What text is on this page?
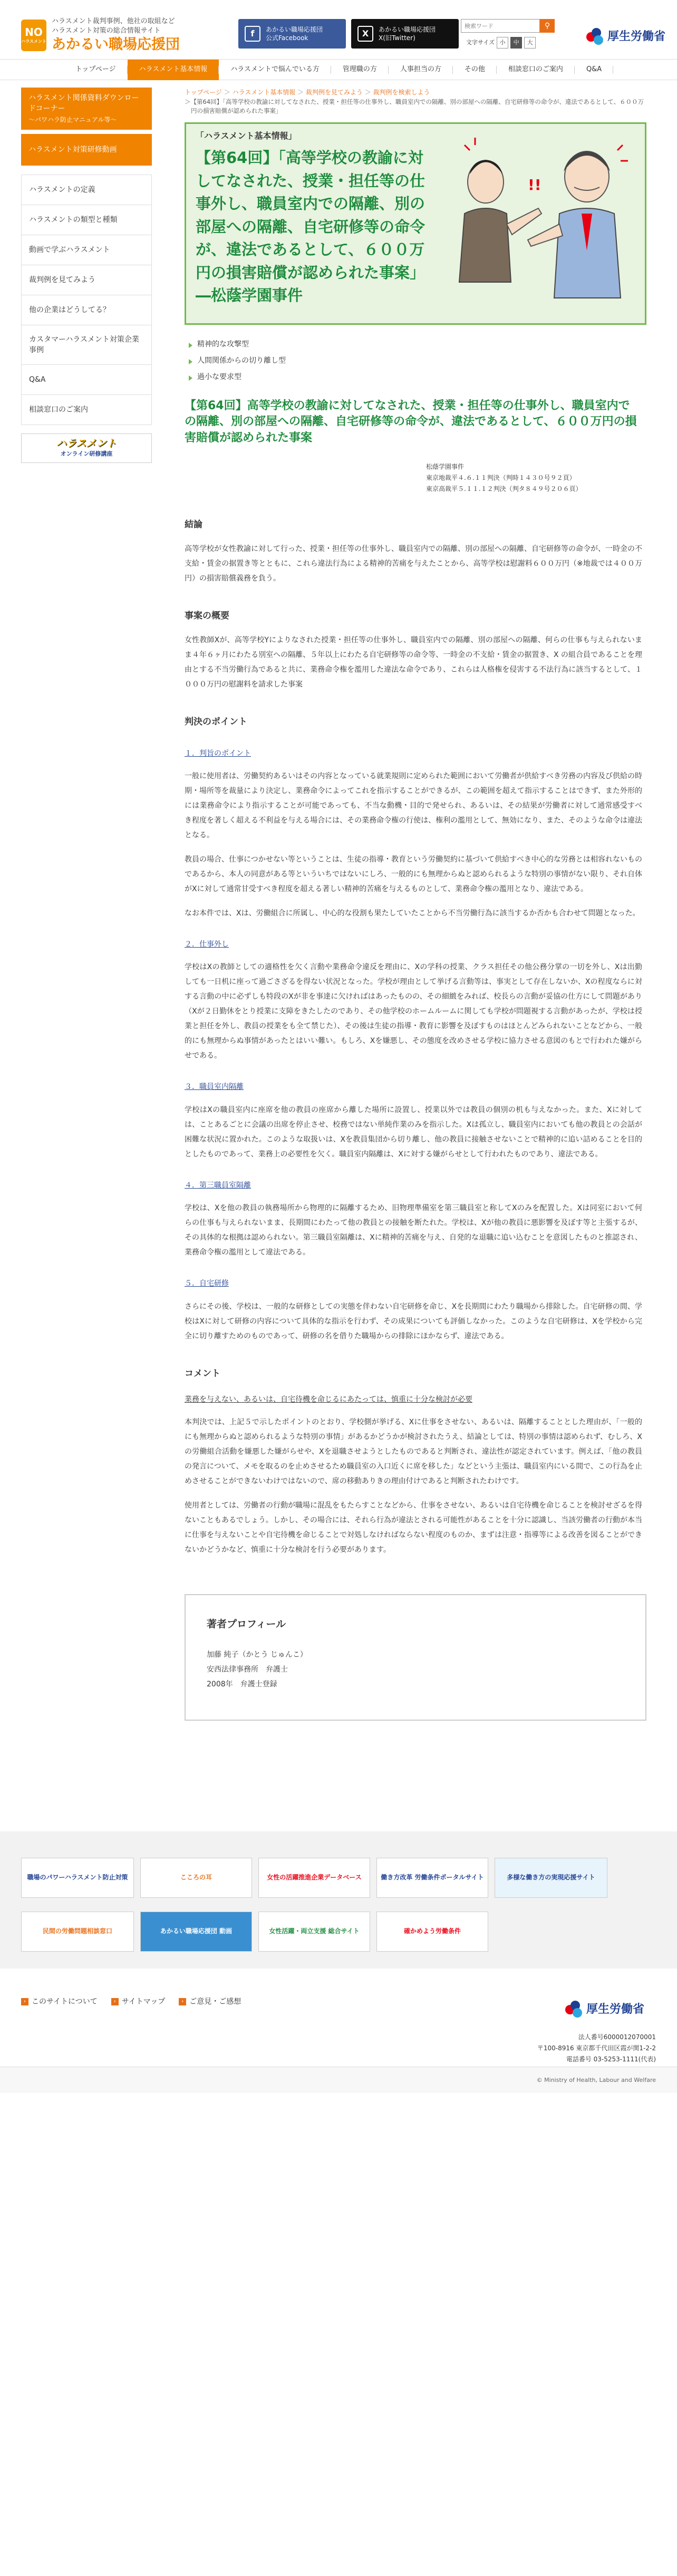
NO
ハラスメント
ハラスメント裁判事例、他社の取組など
ハラスメント対策の総合情報サイト
あかるい職場応援団
f	あかるい職場応援団
公式Facebook	X	あかるい職場応援団
X(旧Twitter)
検索ワード
⚲
文字サイズ 小	中	大	厚生労働省
トップページ	ハラスメント基本情報	ハラスメントで悩んでいる方	管理職の方	人事担当の方	その他	相談窓口のご案内	Q&A
ハラスメント関係資料ダウンロードコーナー
～パワハラ防止マニュアル等～
ハラスメント対策研修動画
ハラスメントの定義
ハラスメントの類型と種類
動画で学ぶハラスメント
裁判例を見てみよう
他の企業はどうしてる？
カスタマーハラスメント対策企業事例
Q&A
相談窓口のご案内
ハラスメント
オンライン研修講座
トップページ ＞ ハラスメント基本情報 ＞ 裁判例を見てみよう ＞ 裁判例を検索しよう
＞【第64回】「高等学校の教諭に対してなされた、授業・担任等の仕事外し、職員室内での隔離、別の部屋への隔離、自宅研修等の命令が、違法であるとして、６００万円の損害賠償が認められた事案」
「ハラスメント基本情報」
【第64回】「高等学校の教諭に対してなされた、授業・担任等の仕事外し、職員室内での隔離、別の部屋への隔離、自宅研修等の命令が、違法であるとして、６００万円の損害賠償が認められた事案」―松蔭学園事件
!!
精神的な攻撃型
人間関係からの切り離し型
過小な要求型
【第64回】高等学校の教諭に対してなされた、授業・担任等の仕事外し、職員室内での隔離、別の部屋への隔離、自宅研修等の命令が、違法であるとして、６００万円の損害賠償が認められた事案
松蔭学園事件
東京地裁平４.６.１１判決（判時１４３０号９２頁）
東京高裁平５.１１.１２判決（判タ８４９号２０６頁）
結論

高等学校が女性教諭に対して行った、授業・担任等の仕事外し、職員室内での隔離、別の部屋への隔離、自宅研修等の命令が、一時金の不支給・賃金の据置き等とともに、これら違法行為による精神的苦痛を与えたことから、高等学校は慰謝料６００万円（※地裁では４００万円）の損害賠償義務を負う。

事案の概要

女性教師Xが、高等学校Yによりなされた授業・担任等の仕事外し、職員室内での隔離、別の部屋への隔離、何らの仕事も与えられないまま４年６ヶ月にわたる別室への隔離、５年以上にわたる自宅研修等の命令等、一時金の不支給・賃金の据置き、X の組合員であることを理由とする不当労働行為であると共に、業務命令権を濫用した違法な命令であり、これらは人格権を侵害する不法行為に該当するとして、１０００万円の慰謝料を請求した事案

判決のポイント
１．判旨のポイント

一般に使用者は、労働契約あるいはその内容となっている就業規則に定められた範囲において労働者が供給すべき労務の内容及び供給の時期・場所等を裁量により決定し、業務命令によってこれを指示することができるが、この範囲を超えて指示することはできず、また外形的には業務命令により指示することが可能であっても、不当な動機・目的で発せられ、あるいは、その結果が労働者に対して通常感受すべき程度を著しく超える不利益を与える場合には、その業務命令権の行使は、権利の濫用として、無効になり、また、そのような命令は違法となる。

教員の場合、仕事につかせない等ということは、生徒の指導・教育という労働契約に基づいて供給すべき中心的な労務とは相容れないものであるから、本人の同意がある等といういちではないにしろ、一般的にも無理からぬと認められるような特別の事情がない限り、それ自体がXに対して通常甘受すべき程度を超える著しい精神的苦痛を与えるものとして、業務命令権の濫用となり、違法である。

なお本件では、Xは、労働組合に所属し、中心的な役割も果たしていたことから不当労働行為に該当するか否かも合わせて問題となった。

２．仕事外し

学校はXの教師としての適格性を欠く言動や業務命令違反を理由に、Xの学科の授業、クラス担任その他公務分掌の一切を外し、Xは出勤しても一日机に座って過ごさざるを得ない状況となった。学校が理由として挙げる言動等は、事実として存在しないか、Xの程度ならに対する言動の中に必ずしも特段のXが非を事達に欠ければはあったものの、その細緻をみれば、校長らの言動が妥協の仕方にして問題があり（Xが２日勤休をとり授業に支障をきたしたのであり、その他学校のホームルームに関しても学校が問題視する言動があったが、学校は授業と担任を外し、教員の授業をも全て禁じた）、その後は生徒の指導・教育に影響を及ぼすものはほとんどみられないことなどから、一般的にも無理からぬ事情があったとはいい難い。もしろ、Xを嫌悪し、その態度を改めさせる学校に協力させる意図のもとで行われた嫌がらせである。

３．職員室内隔離

学校はXの職員室内に座席を他の教員の座席から離した場所に設置し、授業以外では教員の個別の机も与えなかった。また、Xに対しては、ことあるごとに会議の出席を停止させ、校務ではない単純作業のみを指示した。Xは孤立し、職員室内においても他の教員との会話が困難な状況に置かれた。このような取扱いは、Xを教員集団から切り離し、他の教員に接触させないことで精神的に追い詰めることを目的としたものであって、業務上の必要性を欠く。職員室内隔離は、Xに対する嫌がらせとして行われたものであり、違法である。

４．第三職員室隔離

学校は、Xを他の教員の執務場所から物理的に隔離するため、旧物理準備室を第三職員室と称してXのみを配置した。Xは同室において何らの仕事も与えられないまま、長期間にわたって他の教員との接触を断たれた。学校は、Xが他の教員に悪影響を及ぼす等と主張するが、その具体的な根拠は認められない。第三職員室隔離は、Xに精神的苦痛を与え、自発的な退職に追い込むことを意図したものと推認され、業務命令権の濫用として違法である。

５．自宅研修

さらにその後、学校は、一般的な研修としての実態を伴わない自宅研修を命じ、Xを長期間にわたり職場から排除した。自宅研修の間、学校はXに対して研修の内容について具体的な指示を行わず、その成果についても評価しなかった。このような自宅研修は、Xを学校から完全に切り離すためのものであって、研修の名を借りた職場からの排除にほかならず、違法である。

コメント
業務を与えない、あるいは、自宅待機を命じるにあたっては、慎重に十分な検討が必要

本判決では、上記５で示したポイントのとおり、学校側が挙げる、Xに仕事をさせない、あるいは、隔離することとした理由が、「一般的にも無理からぬと認められるような特別の事情」があるかどうかが検討されたうえ、結論としては、特別の事情は認められず、むしろ、Xの労働組合活動を嫌悪した嫌がらせや、Xを退職させようとしたものであると判断され、違法性が認定されています。例えば、「他の教員の発言について、メモを取るのを止めさせるため職員室の入口近くに席を移した」などという主張は、職員室内にいる間で、この行為を止めさせることができないわけではないので、席の移動ありきの理由付けであると判断されたわけです。

使用者としては、労働者の行動が職場に混乱をもたらすことなどから、仕事をさせない、あるいは自宅待機を命じることを検討せざるを得ないこともあるでしょう。しかし、その場合には、それら行為が違法とされる可能性があることを十分に認識し、当該労働者の行動が本当に仕事を与えないことや自宅待機を命じることで対処しなければならない程度のものか、まずは注意・指導等による改善を図ることができないかどうかなど、慎重に十分な検討を行う必要があります。

著者プロフィール

加藤 純子（かとう じゅんこ）

安西法律事務所　弁護士

2008年　弁護士登録

職場のパワーハラスメント防止対策	こころの耳	女性の活躍推進企業データベース	働き方改革 労働条件ポータルサイト	多様な働き方の実現応援サイト
民間の労働問題相談窓口	あかるい職場応援団 動画	女性活躍・両立支援 総合サイト	確かめよう労働条件
› このサイトについて	› サイトマップ	› ご意見・ご感想
厚生労働省
法人番号6000012070001
〒100-8916 東京都千代田区霞が関1-2-2
電話番号 03-5253-1111(代表)
© Ministry of Health, Labour and Welfare
